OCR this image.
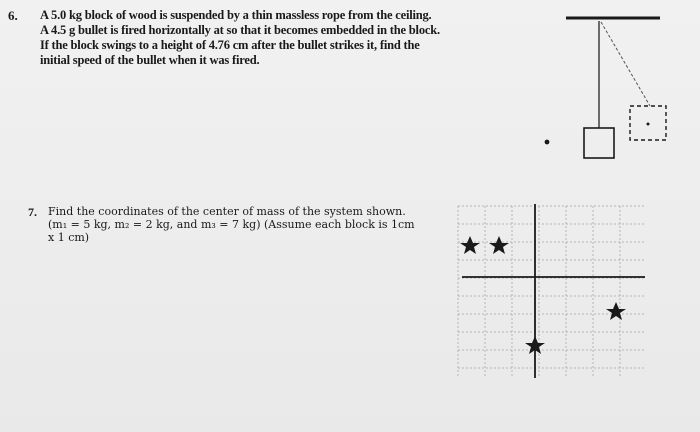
6. A 5.0 kg block of wood is suspended by a thin massless rope from the ceiling.
A 4.5 g bullet is fired horizontally at so that it becomes embedded in the block.
If the block swings to a height of 4.76 cm after the bullet strikes it, find the
initial speed of the bullet when it was fired.
7. Find the coordinates of the center of mass of the system shown.
(m₁ = 5 kg, m₂ = 2 kg, and m₃ = 7 kg) (Assume each block is 1cm
x 1 cm)
